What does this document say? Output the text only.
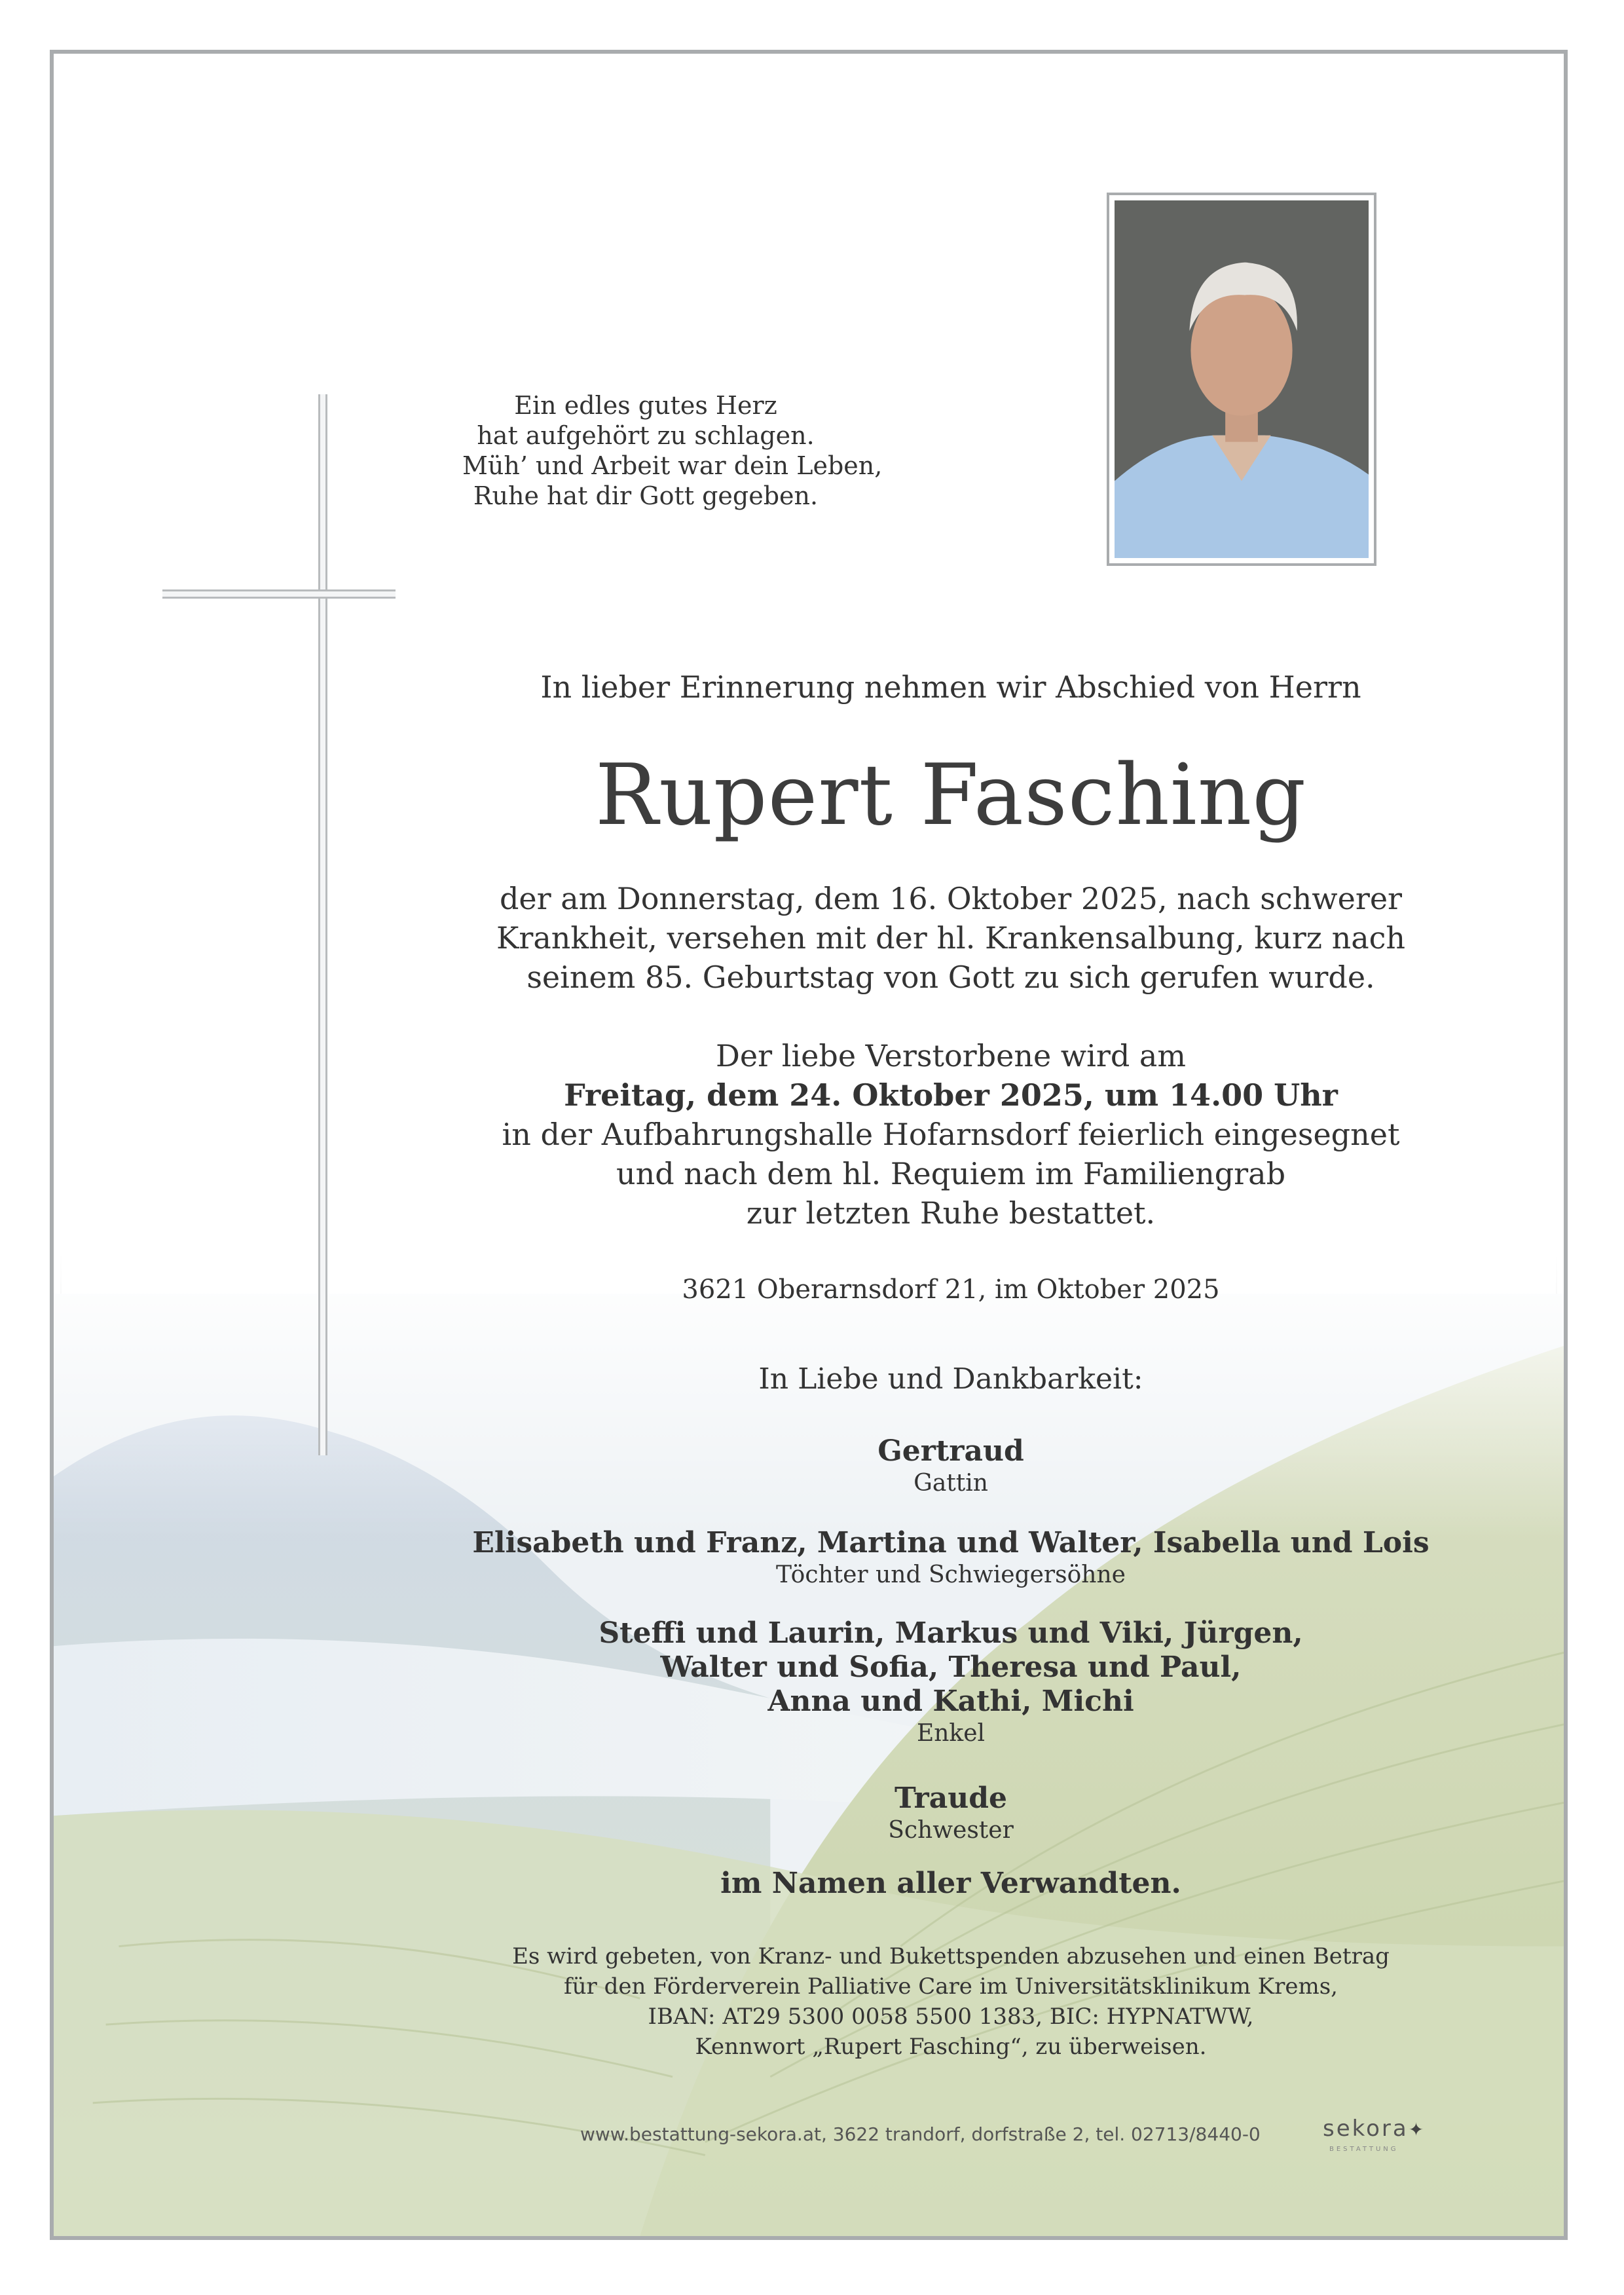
Ein edles gutes Herz
hat aufgehört zu schlagen.
Müh’ und Arbeit war dein Leben,
Ruhe hat dir Gott gegeben.
In lieber Erinnerung nehmen wir Abschied von Herrn
Rupert Fasching
der am Donnerstag, dem 16. Oktober 2025, nach schwerer
Krankheit, versehen mit der hl. Krankensalbung, kurz nach
seinem 85. Geburtstag von Gott zu sich gerufen wurde.
Der liebe Verstorbene wird am
Freitag, dem 24. Oktober 2025, um 14.00 Uhr
in der Aufbahrungshalle Hofarnsdorf feierlich eingesegnet
und nach dem hl. Requiem im Familiengrab
zur letzten Ruhe bestattet.
3621 Oberarnsdorf 21, im Oktober 2025
In Liebe und Dankbarkeit:
Gertraud
Gattin
Elisabeth und Franz, Martina und Walter, Isabella und Lois
Töchter und Schwiegersöhne
Steffi und Laurin, Markus und Viki, Jürgen,
Walter und Sofia, Theresa und Paul,
Anna und Kathi, Michi
Enkel
Traude
Schwester
im Namen aller Verwandten.
Es wird gebeten, von Kranz- und Bukettspenden abzusehen und einen Betrag
für den Förderverein Palliative Care im Universitätsklinikum Krems,
IBAN: AT29 5300 0058 5500 1383, BIC: HYPNATWW,
Kennwort „Rupert Fasching“, zu überweisen.
www.bestattung-sekora.at, 3622 trandorf, dorfstraße 2, tel. 02713/8440-0	sekora✦
BESTATTUNG
